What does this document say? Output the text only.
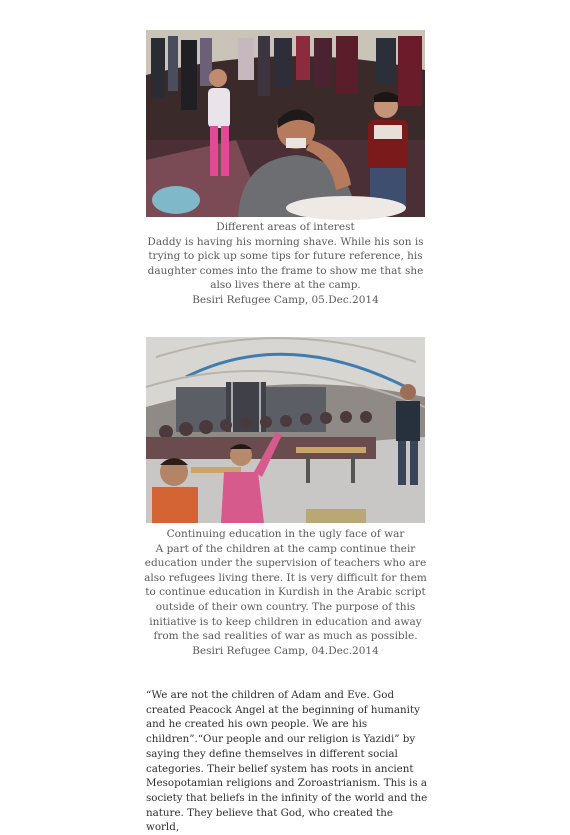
Different areas of interest

Daddy is having his morning shave. While his son is trying to pick up some tips for future reference, his daughter comes into the frame to show me that she also lives there at the camp.

Besiri Refugee Camp, 05.Dec.2014

Continuing education in the ugly face of war

A part of the children at the camp continue their education under the supervision of teachers who are also refugees living there. It is very difficult for them to continue education in Kurdish in the Arabic script outside of their own country. The purpose of this initiative is to keep children in education and away from the sad realities of war as much as possible.

Besiri Refugee Camp, 04.Dec.2014

“We are not the children of Adam and Eve. God created Peacock Angel at the beginning of humanity and he created his own people. We are his children”.“Our people and our religion is Yazidi” by saying they define themselves in different social categories. Their belief system has roots in ancient Mesopotamian religions and Zoroastrianism. This is a society that beliefs in the infinity of the world and the nature. They believe that God, who created the world,
